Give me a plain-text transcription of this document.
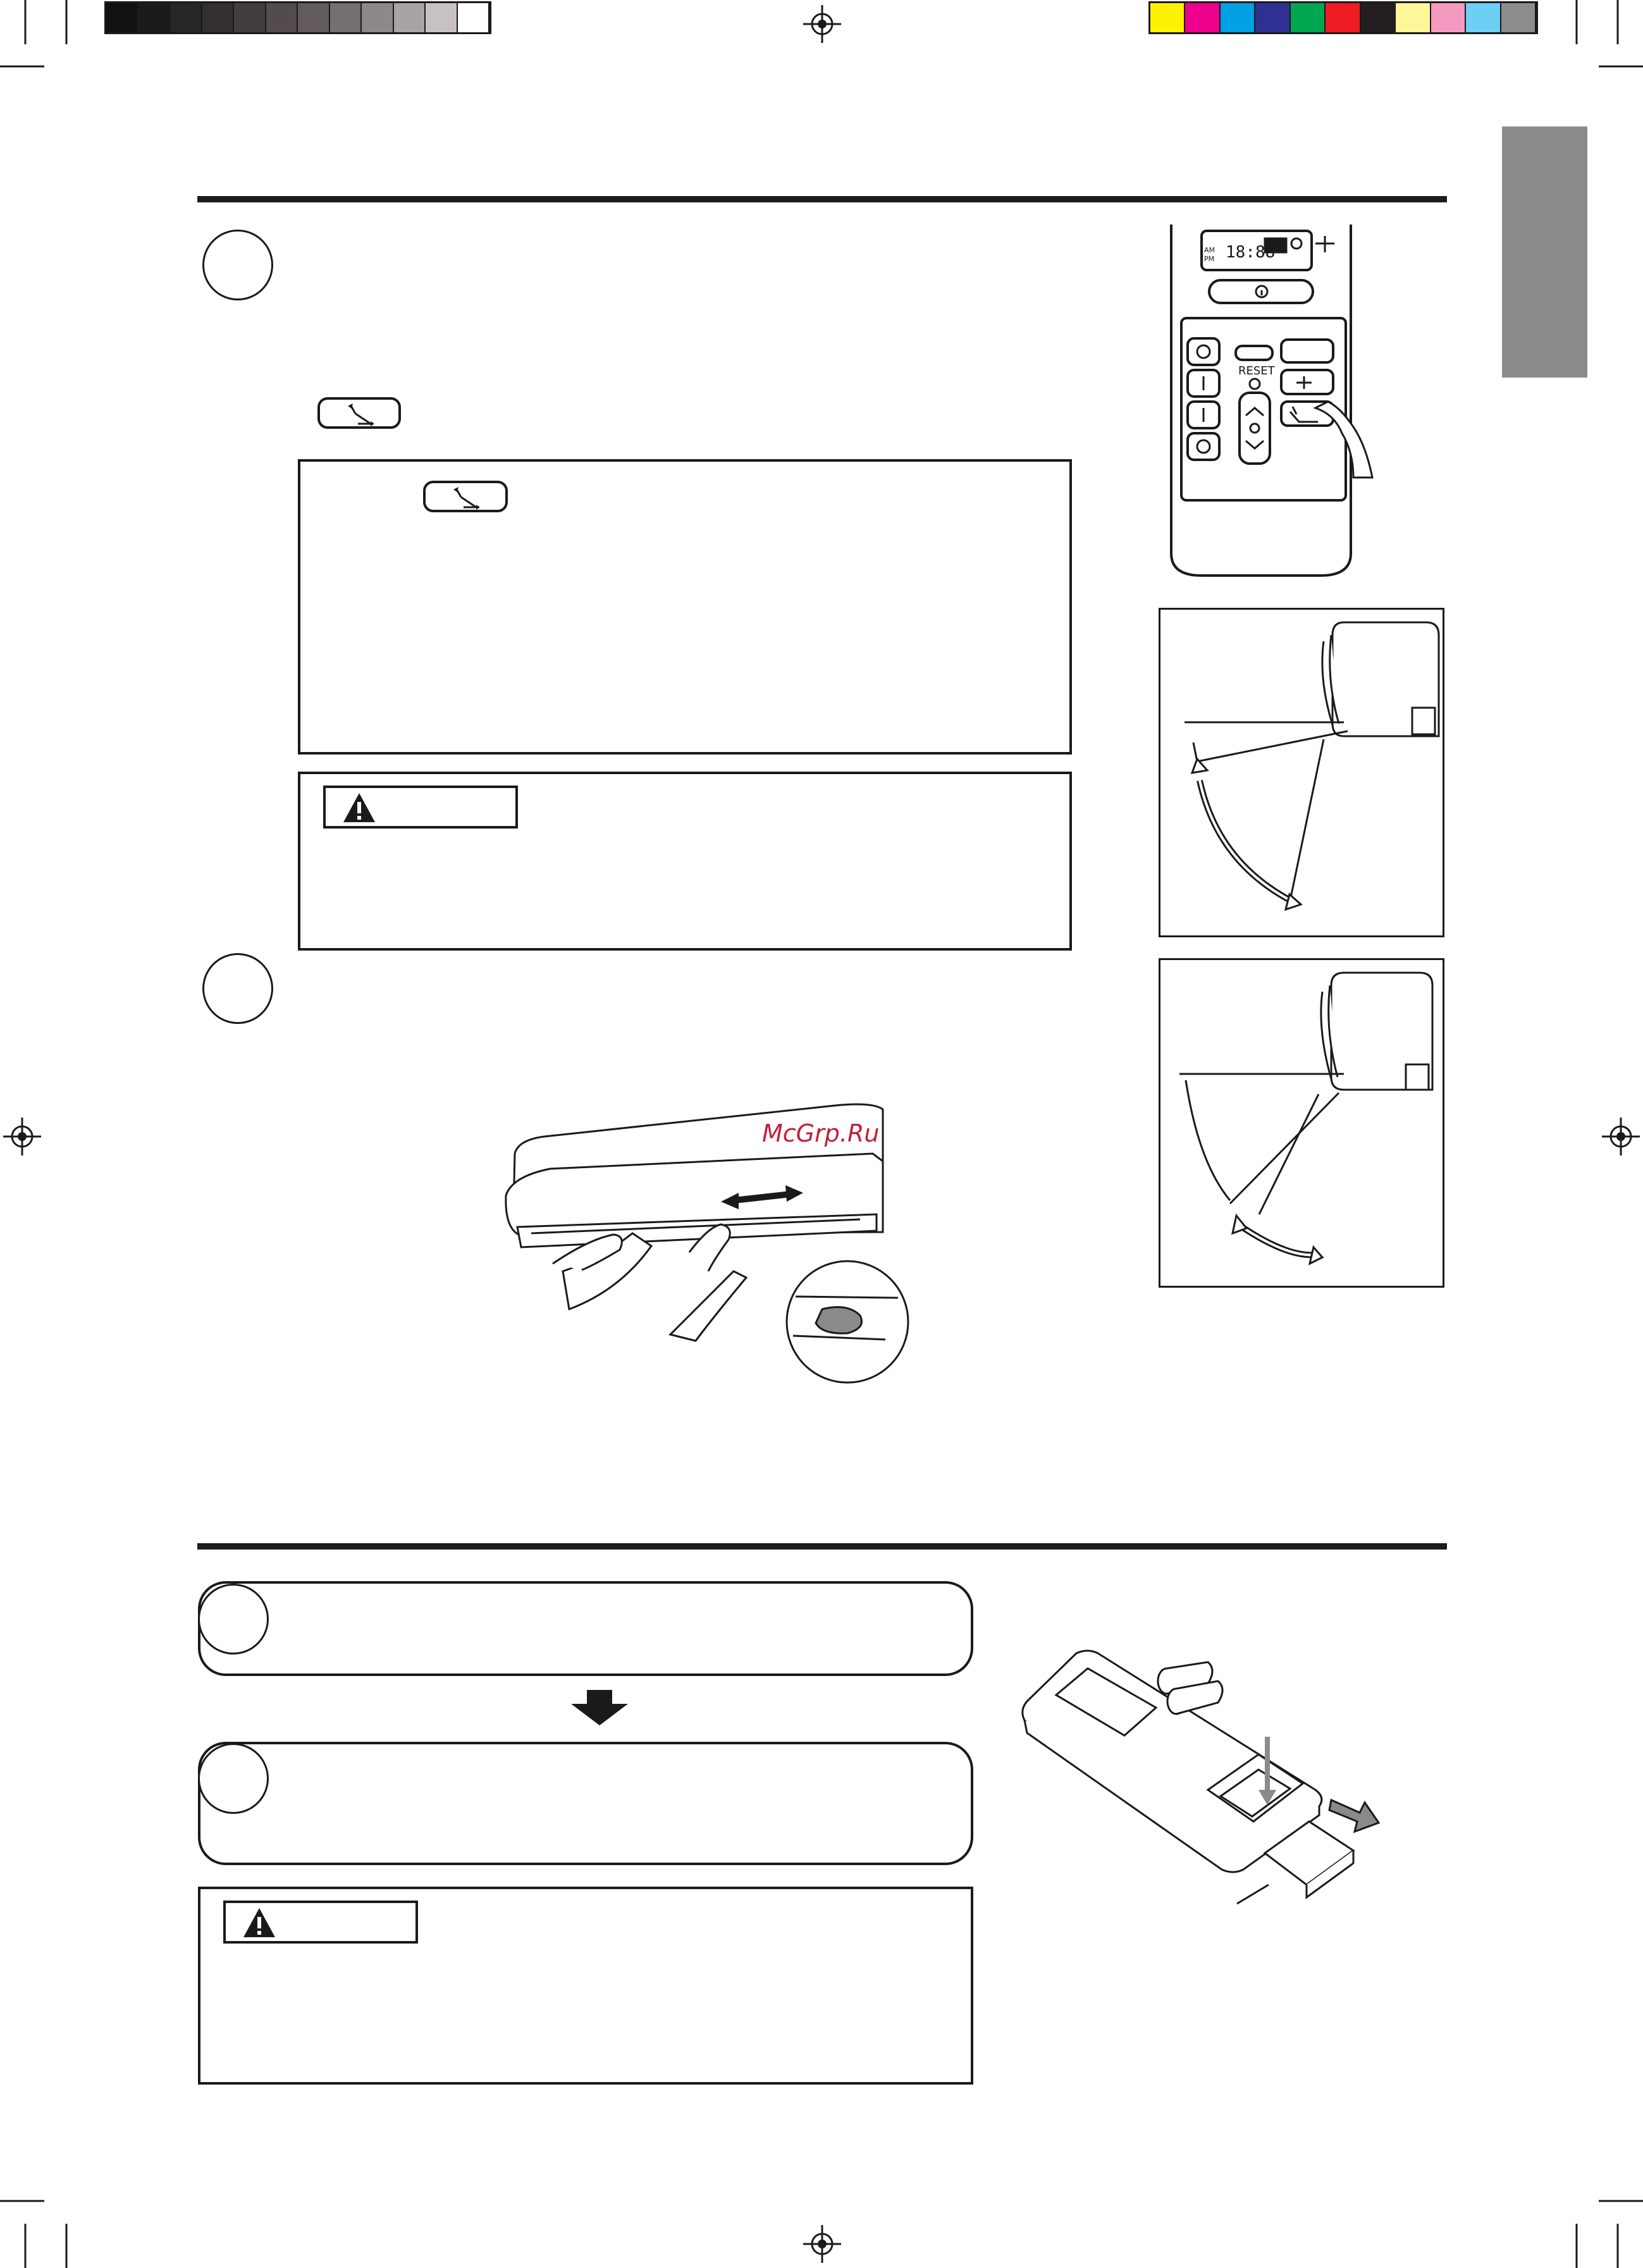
18:88
AM
PM
RESET
McGrp.Ru
